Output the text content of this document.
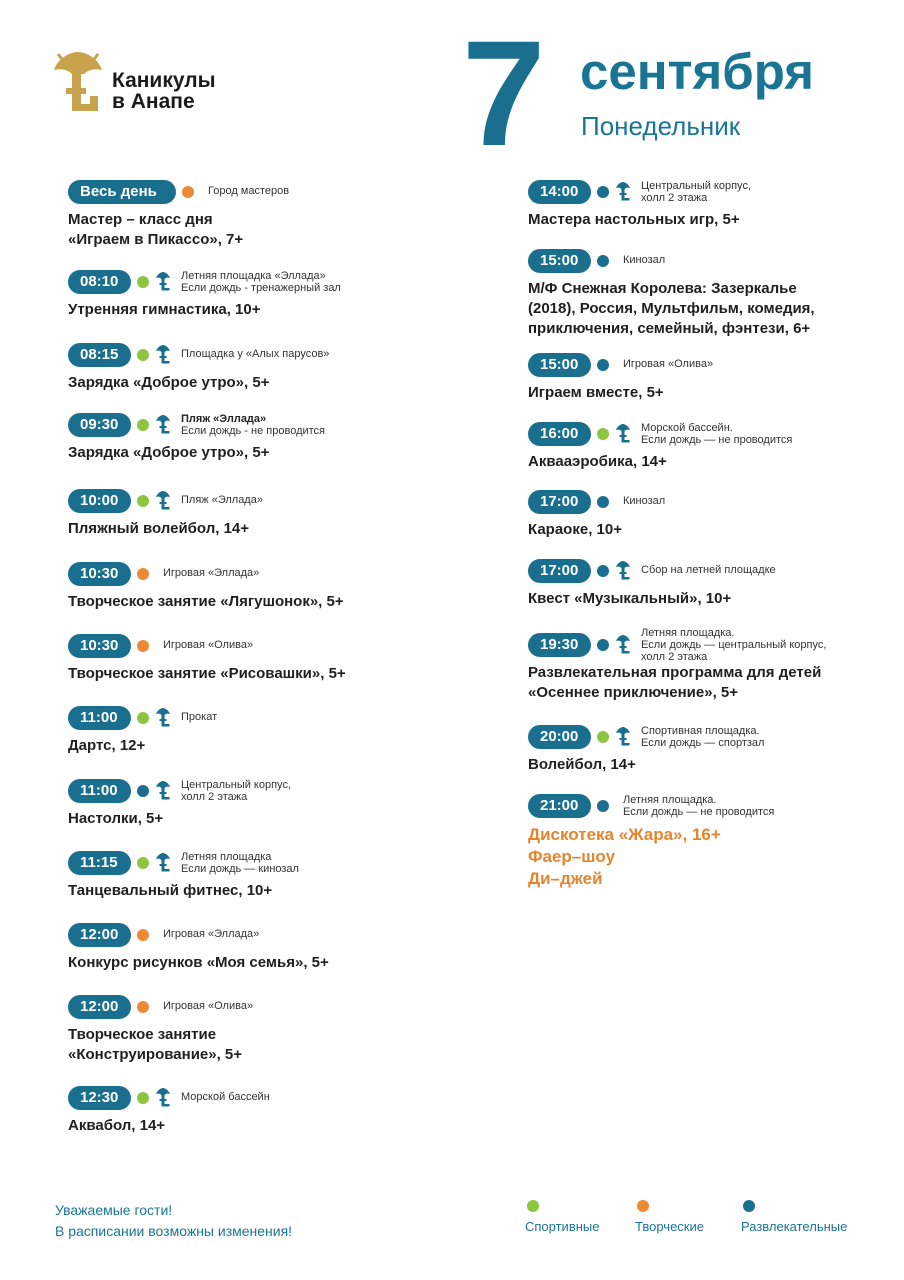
Каникулы
в Анапе 7 сентября
Понедельник
Весь день	Город мастеров
Мастер – класс дня
«Играем в Пикассо», 7+
08:10	Летняя площадка «Эллада»
Если дождь - тренажерный зал
Утренняя гимнастика, 10+
08:15	Площадка у «Алых парусов»
Зарядка «Доброе утро», 5+
09:30	Пляж «Эллада»
Если дождь - не проводится
Зарядка «Доброе утро», 5+
10:00	Пляж «Эллада»
Пляжный волейбол, 14+
10:30	Игровая «Эллада»
Творческое занятие «Лягушонок», 5+
10:30	Игровая «Олива»
Творческое занятие «Рисовашки», 5+
11:00	Прокат
Дартс, 12+
11:00	Центральный корпус,
холл 2 этажа
Настолки, 5+
11:15	Летняя площадка
Если дождь — кинозал
Танцевальный фитнес, 10+
12:00	Игровая «Эллада»
Конкурс рисунков «Моя семья», 5+
12:00	Игровая «Олива»
Творческое занятие
«Конструирование», 5+
12:30	Морской бассейн
Аквабол, 14+
14:00	Центральный корпус,
холл 2 этажа
Мастера настольных игр, 5+
15:00	Кинозал
М/Ф Снежная Королева: Зазеркалье
(2018), Россия, Мультфильм, комедия,
приключения, семейный, фэнтези, 6+
15:00	Игровая «Олива»
Играем вместе, 5+
16:00	Морской бассейн.
Если дождь — не проводится
Аквааэробика, 14+
17:00	Кинозал
Караоке, 10+
17:00	Сбор на летней площадке
Квест «Музыкальный», 10+
19:30
Летняя площадка.
Если дождь — центральный корпус,
холл 2 этажа
Развлекательная программа для детей
«Осеннее приключение», 5+
20:00	Спортивная площадка.
Если дождь — спортзал
Волейбол, 14+
21:00	Летняя площадка.
Если дождь — не проводится
Дискотека «Жара», 16+
Фаер–шоу
Ди–джей
Уважаемые гости!
В расписании возможны изменения!	Спортивные	Творческие	Развлекательные
